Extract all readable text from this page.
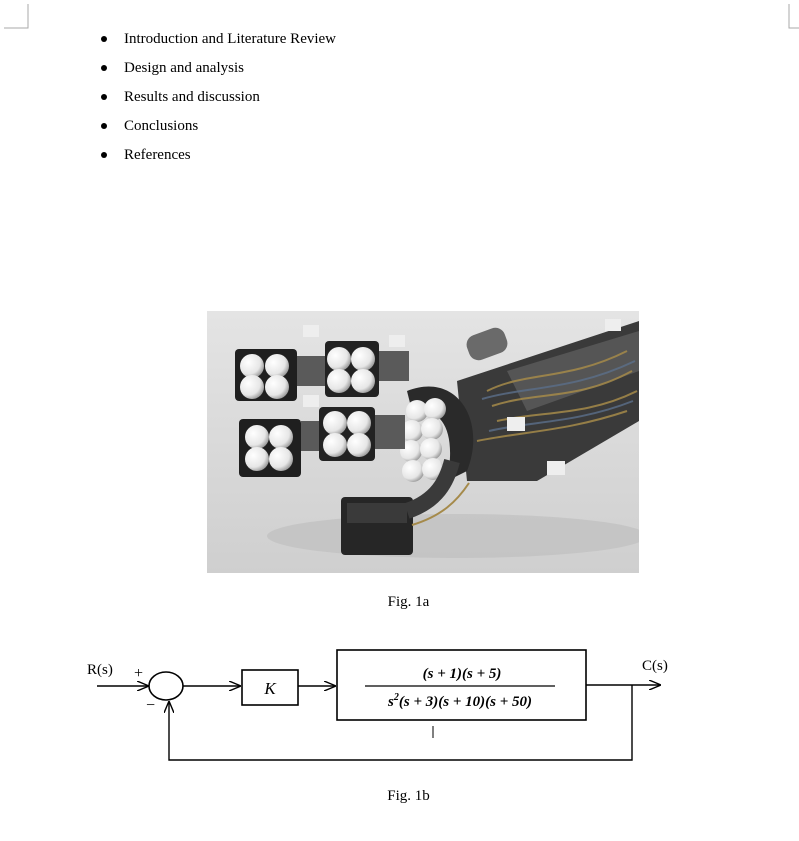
Introduction and Literature Review
Design and analysis
Results and discussion
Conclusions
References
Fig. 1a
R(s) +
−
C(s)
K
(s + 1)(s + 5)
$s^2(s + 3)(s + 10)(s + 50)$
Fig. 1b
